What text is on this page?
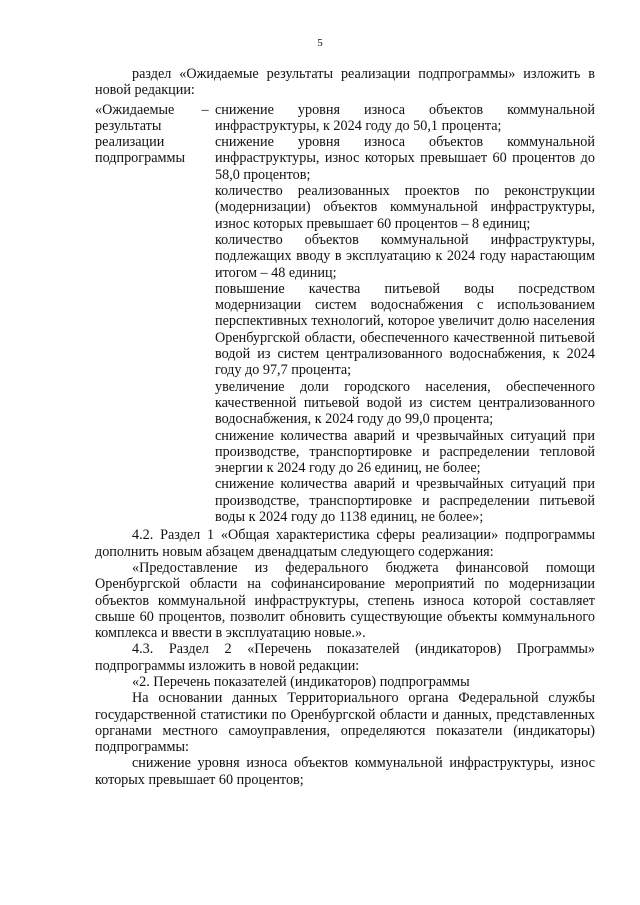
5

раздел «Ожидаемые результаты реализации подпрограммы» изложить в новой редакции:

«Ожидаемые результаты реализации подпрограммы
– снижение уровня износа объектов коммунальной инфраструктуры, к 2024 году до 50,1 процента;

снижение уровня износа объектов коммунальной инфраструктуры, износ которых превышает 60 процентов до 58,0 процентов;

количество реализованных проектов по реконструкции (модернизации) объектов коммунальной инфраструктуры, износ которых превышает 60 процентов – 8 единиц;

количество объектов коммунальной инфраструктуры, подлежащих вводу в эксплуатацию к 2024 году нарастающим итогом – 48 единиц;

повышение качества питьевой воды посредством модернизации систем водоснабжения с использованием перспективных технологий, которое увеличит долю населения Оренбургской области, обеспеченного качественной питьевой водой из систем централизованного водоснабжения, к 2024 году до 97,7 процента;

увеличение доли городского населения, обеспеченного качественной питьевой водой из систем централизованного водоснабжения, к 2024 году до 99,0 процента;

снижение количества аварий и чрезвычайных ситуаций при производстве, транспортировке и распределении тепловой энергии к 2024 году до 26 единиц, не более;

снижение количества аварий и чрезвычайных ситуаций при производстве, транспортировке и распределении питьевой воды к 2024 году до 1138 единиц, не более»;

4.2. Раздел 1 «Общая характеристика сферы реализации» подпрограммы дополнить новым абзацем двенадцатым следующего содержания:

«Предоставление из федерального бюджета финансовой помощи Оренбургской области на софинансирование мероприятий по модернизации объектов коммунальной инфраструктуры, степень износа которой составляет свыше 60 процентов, позволит обновить существующие объекты коммунального комплекса и ввести в эксплуатацию новые.».

4.3. Раздел 2 «Перечень показателей (индикаторов) Программы» подпрограммы изложить в новой редакции:

«2. Перечень показателей (индикаторов) подпрограммы

На основании данных Территориального органа Федеральной службы государственной статистики по Оренбургской области и данных, представленных органами местного самоуправления, определяются показатели (индикаторы) подпрограммы:

снижение уровня износа объектов коммунальной инфраструктуры, износ которых превышает 60 процентов;
